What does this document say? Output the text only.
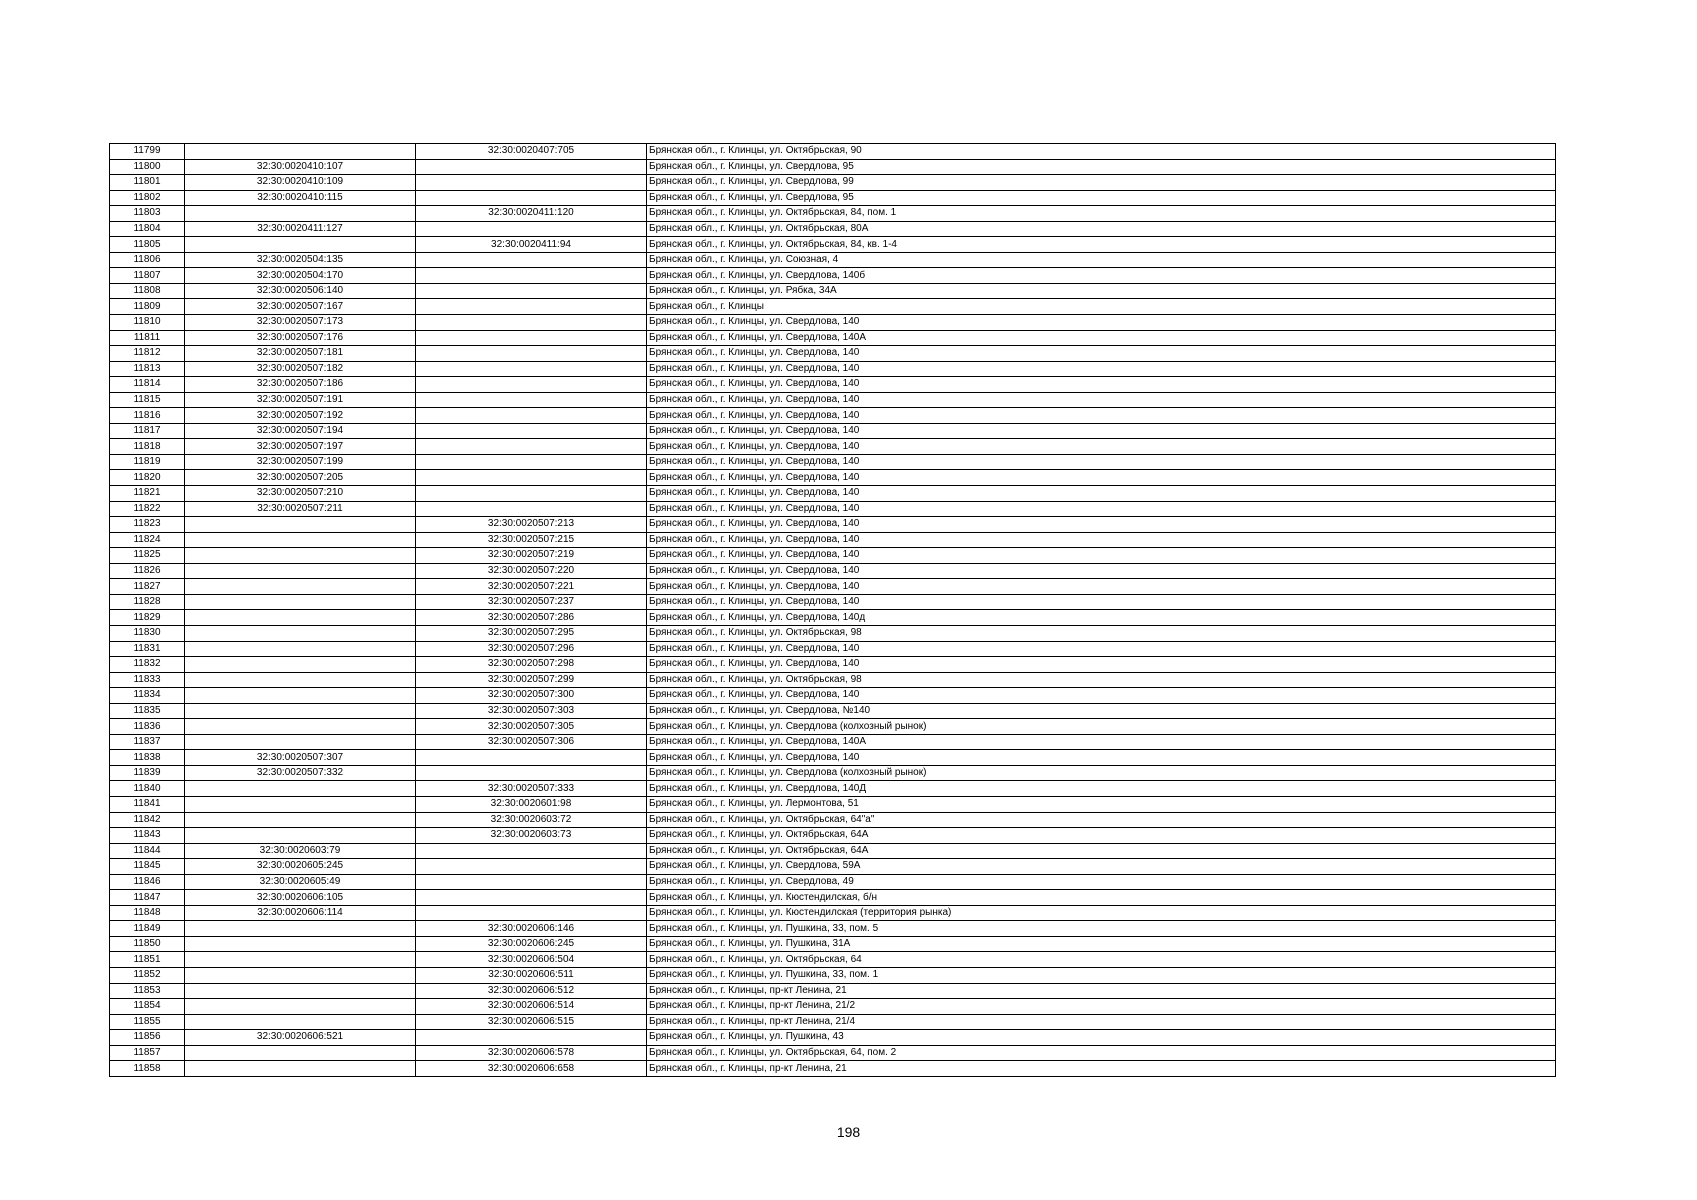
11799		32:30:0020407:705	Брянская обл., г. Клинцы, ул. Октябрьская, 90
11800	32:30:0020410:107		Брянская обл., г. Клинцы, ул. Свердлова, 95
11801	32:30:0020410:109		Брянская обл., г. Клинцы, ул. Свердлова, 99
11802	32:30:0020410:115		Брянская обл., г. Клинцы, ул. Свердлова, 95
11803		32:30:0020411:120	Брянская обл., г. Клинцы, ул. Октябрьская, 84, пом. 1
11804	32:30:0020411:127		Брянская обл., г. Клинцы, ул. Октябрьская, 80А
11805		32:30:0020411:94	Брянская обл., г. Клинцы, ул. Октябрьская, 84, кв. 1-4
11806	32:30:0020504:135		Брянская обл., г. Клинцы, ул. Союзная, 4
11807	32:30:0020504:170		Брянская обл., г. Клинцы, ул. Свердлова, 140б
11808	32:30:0020506:140		Брянская обл., г. Клинцы, ул. Рябка, 34А
11809	32:30:0020507:167		Брянская обл., г. Клинцы
11810	32:30:0020507:173		Брянская обл., г. Клинцы, ул. Свердлова, 140
11811	32:30:0020507:176		Брянская обл., г. Клинцы, ул. Свердлова, 140А
11812	32:30:0020507:181		Брянская обл., г. Клинцы, ул. Свердлова, 140
11813	32:30:0020507:182		Брянская обл., г. Клинцы, ул. Свердлова, 140
11814	32:30:0020507:186		Брянская обл., г. Клинцы, ул. Свердлова, 140
11815	32:30:0020507:191		Брянская обл., г. Клинцы, ул. Свердлова, 140
11816	32:30:0020507:192		Брянская обл., г. Клинцы, ул. Свердлова, 140
11817	32:30:0020507:194		Брянская обл., г. Клинцы, ул. Свердлова, 140
11818	32:30:0020507:197		Брянская обл., г. Клинцы, ул. Свердлова, 140
11819	32:30:0020507:199		Брянская обл., г. Клинцы, ул. Свердлова, 140
11820	32:30:0020507:205		Брянская обл., г. Клинцы, ул. Свердлова, 140
11821	32:30:0020507:210		Брянская обл., г. Клинцы, ул. Свердлова, 140
11822	32:30:0020507:211		Брянская обл., г. Клинцы, ул. Свердлова, 140
11823		32:30:0020507:213	Брянская обл., г. Клинцы, ул. Свердлова, 140
11824		32:30:0020507:215	Брянская обл., г. Клинцы, ул. Свердлова, 140
11825		32:30:0020507:219	Брянская обл., г. Клинцы, ул. Свердлова, 140
11826		32:30:0020507:220	Брянская обл., г. Клинцы, ул. Свердлова, 140
11827		32:30:0020507:221	Брянская обл., г. Клинцы, ул. Свердлова, 140
11828		32:30:0020507:237	Брянская обл., г. Клинцы, ул. Свердлова, 140
11829		32:30:0020507:286	Брянская обл., г. Клинцы, ул. Свердлова, 140д
11830		32:30:0020507:295	Брянская обл., г. Клинцы, ул. Октябрьская, 98
11831		32:30:0020507:296	Брянская обл., г. Клинцы, ул. Свердлова, 140
11832		32:30:0020507:298	Брянская обл., г. Клинцы, ул. Свердлова, 140
11833		32:30:0020507:299	Брянская обл., г. Клинцы, ул. Октябрьская, 98
11834		32:30:0020507:300	Брянская обл., г. Клинцы, ул. Свердлова, 140
11835		32:30:0020507:303	Брянская обл., г. Клинцы, ул. Свердлова, №140
11836		32:30:0020507:305	Брянская обл., г. Клинцы, ул. Свердлова (колхозный рынок)
11837		32:30:0020507:306	Брянская обл., г. Клинцы, ул. Свердлова, 140А
11838	32:30:0020507:307		Брянская обл., г. Клинцы, ул. Свердлова, 140
11839	32:30:0020507:332		Брянская обл., г. Клинцы, ул. Свердлова (колхозный рынок)
11840		32:30:0020507:333	Брянская обл., г. Клинцы, ул. Свердлова, 140Д
11841		32:30:0020601:98	Брянская обл., г. Клинцы, ул. Лермонтова, 51
11842		32:30:0020603:72	Брянская обл., г. Клинцы, ул. Октябрьская, 64"а"
11843		32:30:0020603:73	Брянская обл., г. Клинцы, ул. Октябрьская, 64А
11844	32:30:0020603:79		Брянская обл., г. Клинцы, ул. Октябрьская, 64А
11845	32:30:0020605:245		Брянская обл., г. Клинцы, ул. Свердлова, 59А
11846	32:30:0020605:49		Брянская обл., г. Клинцы, ул. Свердлова, 49
11847	32:30:0020606:105		Брянская обл., г. Клинцы, ул. Кюстендилская, б/н
11848	32:30:0020606:114		Брянская обл., г. Клинцы, ул. Кюстендилская (территория рынка)
11849		32:30:0020606:146	Брянская обл., г. Клинцы, ул. Пушкина, 33, пом. 5
11850		32:30:0020606:245	Брянская обл., г. Клинцы, ул. Пушкина, 31А
11851		32:30:0020606:504	Брянская обл., г. Клинцы, ул. Октябрьская, 64
11852		32:30:0020606:511	Брянская обл., г. Клинцы, ул. Пушкина, 33, пом. 1
11853		32:30:0020606:512	Брянская обл., г. Клинцы, пр-кт Ленина, 21
11854		32:30:0020606:514	Брянская обл., г. Клинцы, пр-кт Ленина, 21/2
11855		32:30:0020606:515	Брянская обл., г. Клинцы, пр-кт Ленина, 21/4
11856	32:30:0020606:521		Брянская обл., г. Клинцы, ул. Пушкина, 43
11857		32:30:0020606:578	Брянская обл., г. Клинцы, ул. Октябрьская, 64, пом. 2
11858		32:30:0020606:658	Брянская обл., г. Клинцы, пр-кт Ленина, 21
198
